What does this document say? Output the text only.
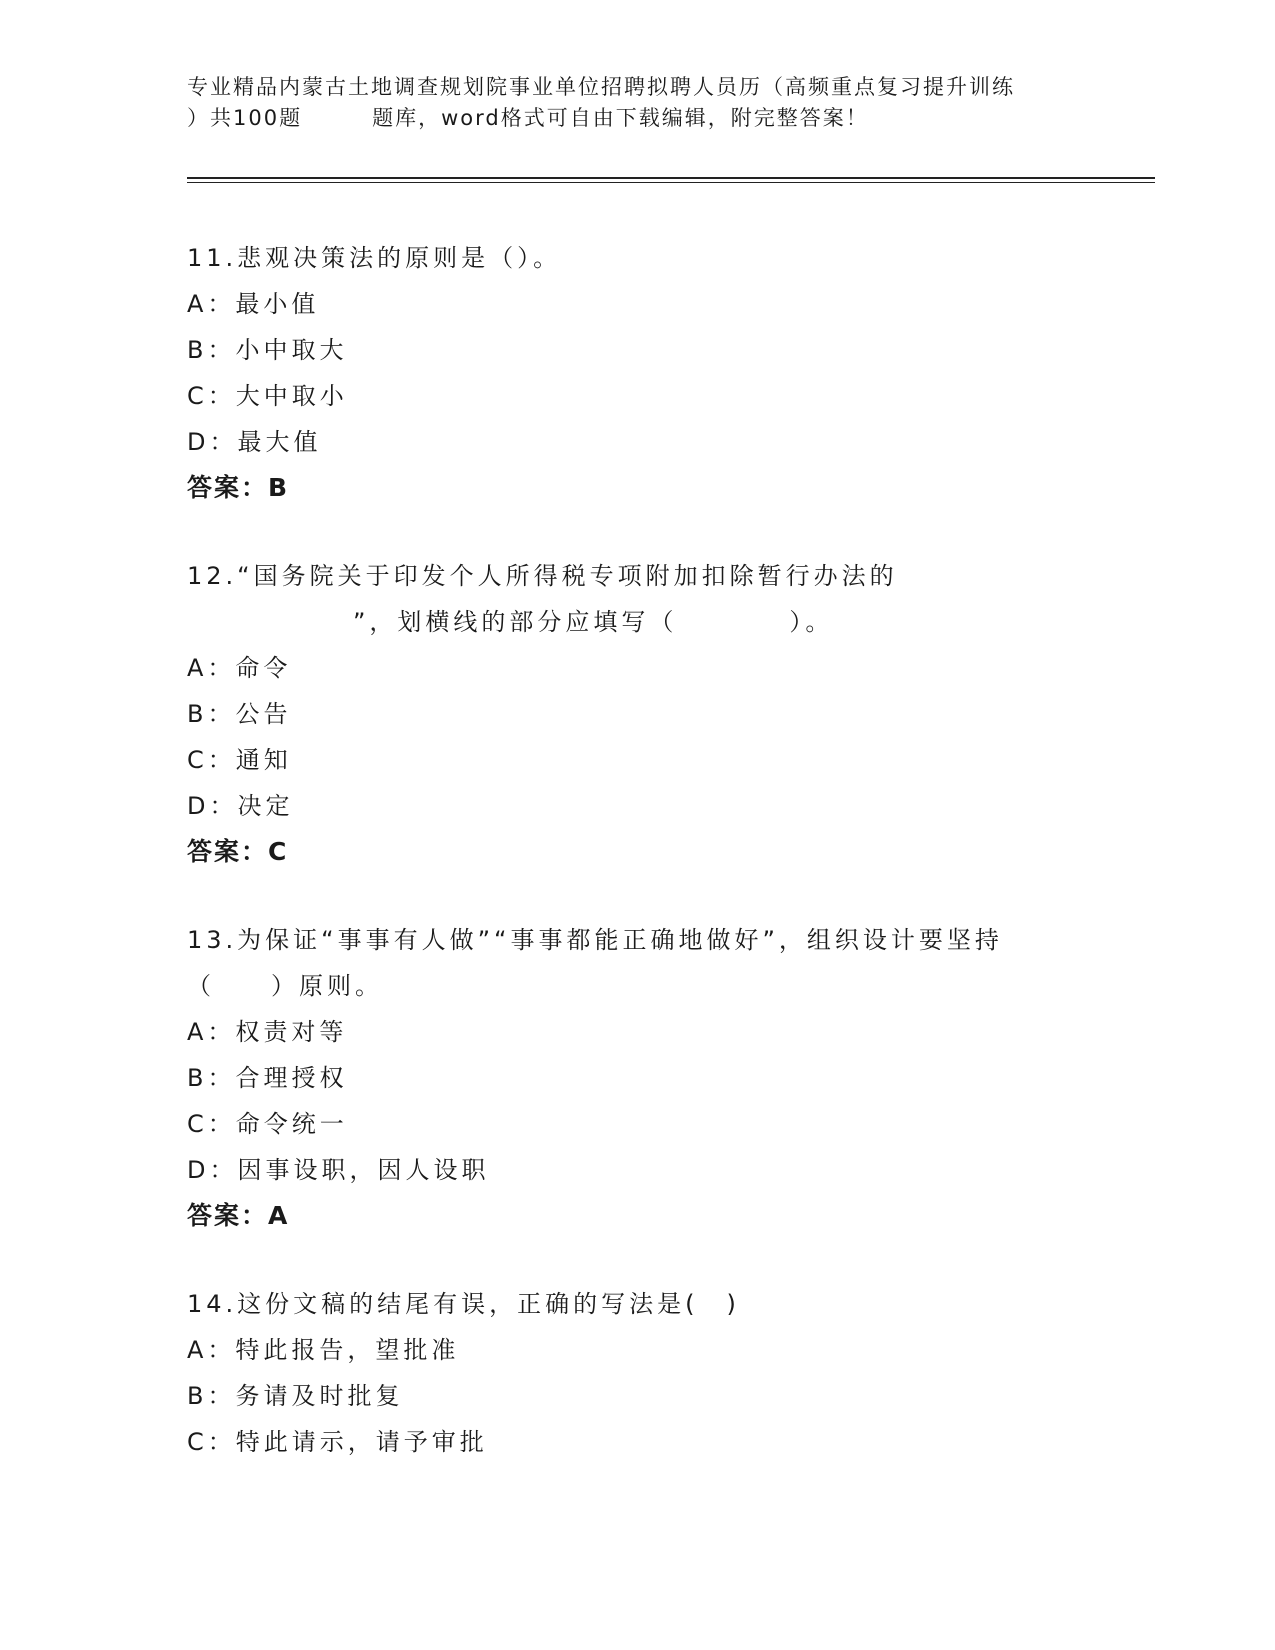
专业精品内蒙古土地调查规划院事业单位招聘拟聘人员历（高频重点复习提升训练
）共100题	题库，word格式可自由下载编辑，附完整答案！
11.悲观决策法的原则是（）。
A：最小值
B：小中取大
C：大中取小
D：最大值
答案：B
12.“国务院关于印发个人所得税专项附加扣除暂行办法的
”，划横线的部分应填写（　　　　）。
A：命令
B：公告
C：通知
D：决定
答案：C
13.为保证“事事有人做”“事事都能正确地做好”，组织设计要坚持
（　　）原则。
A：权责对等
B：合理授权
C：命令统一
D：因事设职，因人设职
答案：A
14.这份文稿的结尾有误，正确的写法是(　)
A：特此报告，望批准
B：务请及时批复
C：特此请示，请予审批
